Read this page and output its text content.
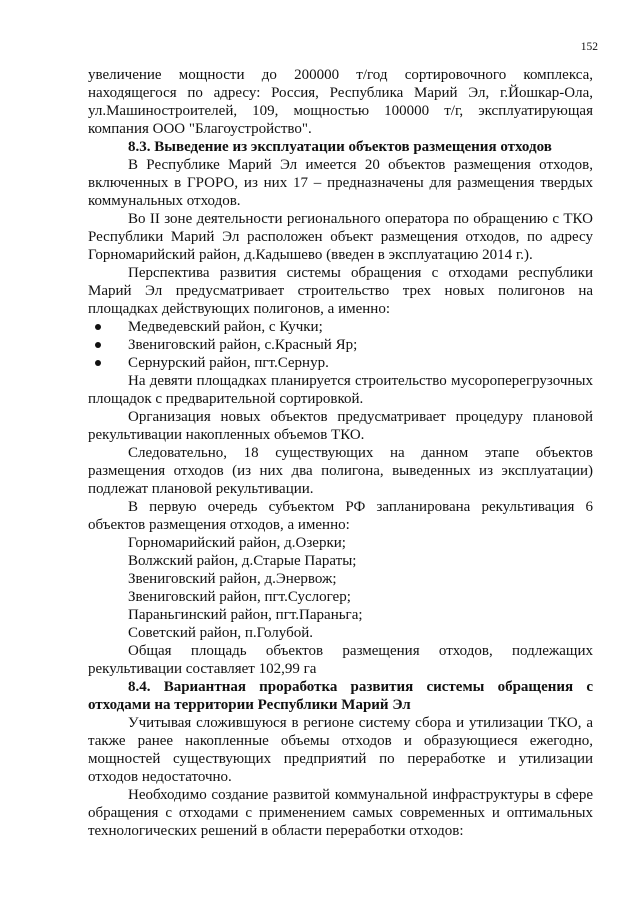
152

увеличение мощности до 200000 т/год сортировочного комплекса, находящегося по адресу: Россия, Республика Марий Эл, г.Йошкар-Ола, ул.Машиностроителей, 109, мощностью 100000 т/г, эксплуатирующая компания ООО "Благоустройство".

8.3. Выведение из эксплуатации объектов размещения отходов

В Республике Марий Эл имеется 20 объектов размещения отходов, включенных в ГРОРО, из них 17 – предназначены для размещения твердых коммунальных отходов.

Во II зоне деятельности регионального оператора по обращению с ТКО Республики Марий Эл расположен объект размещения отходов, по адресу Горномарийский район, д.Кадышево (введен в эксплуатацию 2014 г.).

Перспектива развития системы обращения с отходами республики Марий Эл предусматривает строительство трех новых полигонов на площадках действующих полигонов, а именно:

Медведевский район, с Кучки;
Звениговский район, с.Красный Яр;
Сернурский район, пгт.Сернур.

На девяти площадках планируется строительство мусороперегрузочных площадок с предварительной сортировкой.

Организация новых объектов предусматривает процедуру плановой рекультивации накопленных объемов ТКО.

Следовательно, 18 существующих на данном этапе объектов размещения отходов (из них два полигона, выведенных из эксплуатации) подлежат плановой рекультивации.

В первую очередь субъектом РФ запланирована рекультивация 6 объектов размещения отходов, а именно:

Горномарийский район, д.Озерки;
Волжский район, д.Старые Параты;
Звениговский район, д.Энервож;
Звениговский район, пгт.Суслогер;
Параньгинский район, пгт.Параньга;
Советский район, п.Голубой.

Общая площадь объектов размещения отходов, подлежащих рекультивации составляет 102,99 га

8.4. Вариантная проработка развития системы обращения с отходами на территории Республики Марий Эл

Учитывая сложившуюся в регионе систему сбора и утилизации ТКО, а также ранее накопленные объемы отходов и образующиеся ежегодно, мощностей существующих предприятий по переработке и утилизации отходов недостаточно.

Необходимо создание развитой коммунальной инфраструктуры в сфере обращения с отходами с применением самых современных и оптимальных технологических решений в области переработки отходов:
